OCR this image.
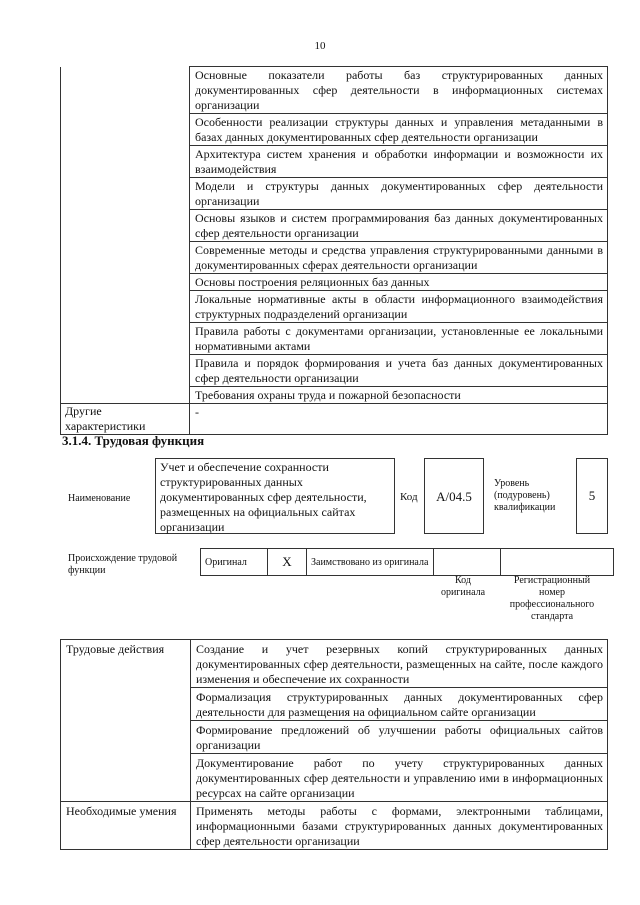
10
	Основные показатели работы баз структурированных данных документированных сфер деятельности в информационных системах организации
	Особенности реализации структуры данных и управления метаданными в базах данных документированных сфер деятельности организации
	Архитектура систем хранения и обработки информации и возможности их взаимодействия
	Модели и структуры данных документированных сфер деятельности организации
	Основы языков и систем программирования баз данных документированных сфер деятельности организации
	Современные методы и средства управления структурированными данными в документированных сферах деятельности организации
	Основы построения реляционных баз данных
	Локальные нормативные акты в области информационного взаимодействия структурных подразделений организации
	Правила работы с документами организации, установленные ее локальными нормативными актами
	Правила и порядок формирования и учета баз данных документированных сфер деятельности организации
	Требования охраны труда и пожарной безопасности
Другие характеристики	-
3.1.4. Трудовая функция
Наименование
Учет и обеспечение сохранности структурированных данных документированных сфер деятельности, размещенных на официальных сайтах организации
Код	А/04.5
Уровень (подуровень) квалификации
5
Происхождение трудовой функции
Оригинал	X	Заимствовано из оригинала		
Код оригинала
Регистрационный номер профессионального стандарта
Трудовые действия	Создание и учет резервных копий структурированных данных документированных сфер деятельности, размещенных на сайте, после каждого изменения и обеспечение их сохранности
	Формализация структурированных данных документированных сфер деятельности для размещения на официальном сайте организации
	Формирование предложений об улучшении работы официальных сайтов организации
	Документирование работ по учету структурированных данных документированных сфер деятельности и управлению ими в информационных ресурсах на сайте организации
Необходимые умения	Применять методы работы с формами, электронными таблицами, информационными базами структурированных данных документированных сфер деятельности организации
